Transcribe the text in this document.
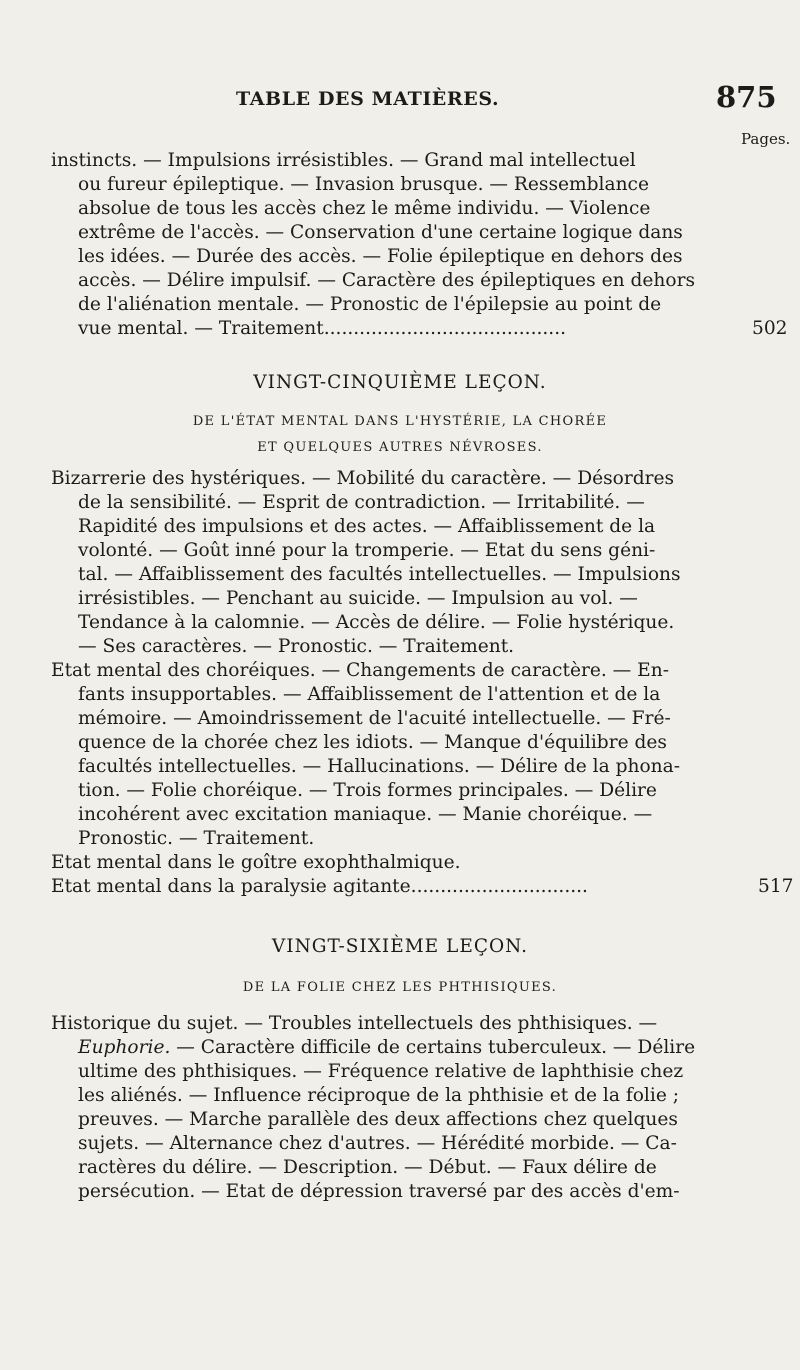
TABLE DES MATIÈRES.	875
Pages.
instincts. — Impulsions irrésistibles. — Grand mal intellectuel
ou fureur épileptique. — Invasion brusque. — Ressemblance
absolue de tous les accès chez le même individu. — Violence
extrême de l'accès. — Conservation d'une certaine logique dans
les idées. — Durée des accès. — Folie épileptique en dehors des
accès. — Délire impulsif. — Caractère des épileptiques en dehors
de l'aliénation mentale. — Pronostic de l'épilepsie au point de
vue mental. — Traitement.........................................	502
VINGT-CINQUIÈME LEÇON.
DE L'ÉTAT MENTAL DANS L'HYSTÉRIE, LA CHORÉE
ET QUELQUES AUTRES NÉVROSES.
Bizarrerie des hystériques. — Mobilité du caractère. — Désordres
de la sensibilité. — Esprit de contradiction. — Irritabilité. —
Rapidité des impulsions et des actes. — Affaiblissement de la
volonté. — Goût inné pour la tromperie. — Etat du sens géni-
tal. — Affaiblissement des facultés intellectuelles. — Impulsions
irrésistibles. — Penchant au suicide. — Impulsion au vol. —
Tendance à la calomnie. — Accès de délire. — Folie hystérique.
— Ses caractères. — Pronostic. — Traitement.
Etat mental des choréiques. — Changements de caractère. — En-
fants insupportables. — Affaiblissement de l'attention et de la
mémoire. — Amoindrissement de l'acuité intellectuelle. — Fré-
quence de la chorée chez les idiots. — Manque d'équilibre des
facultés intellectuelles. — Hallucinations. — Délire de la phona-
tion. — Folie choréique. — Trois formes principales. — Délire
incohérent avec excitation maniaque. — Manie choréique. —
Pronostic. — Traitement.
Etat mental dans le goître exophthalmique.
Etat mental dans la paralysie agitante..............................	517
VINGT-SIXIÈME LEÇON.
DE LA FOLIE CHEZ LES PHTHISIQUES.
Historique du sujet. — Troubles intellectuels des phthisiques. —
Euphorie. — Caractère difficile de certains tuberculeux. — Délire
ultime des phthisiques. — Fréquence relative de laphthisie chez
les aliénés. — Influence réciproque de la phthisie et de la folie ;
preuves. — Marche parallèle des deux affections chez quelques
sujets. — Alternance chez d'autres. — Hérédité morbide. — Ca-
ractères du délire. — Description. — Début. — Faux délire de
persécution. — Etat de dépression traversé par des accès d'em-
